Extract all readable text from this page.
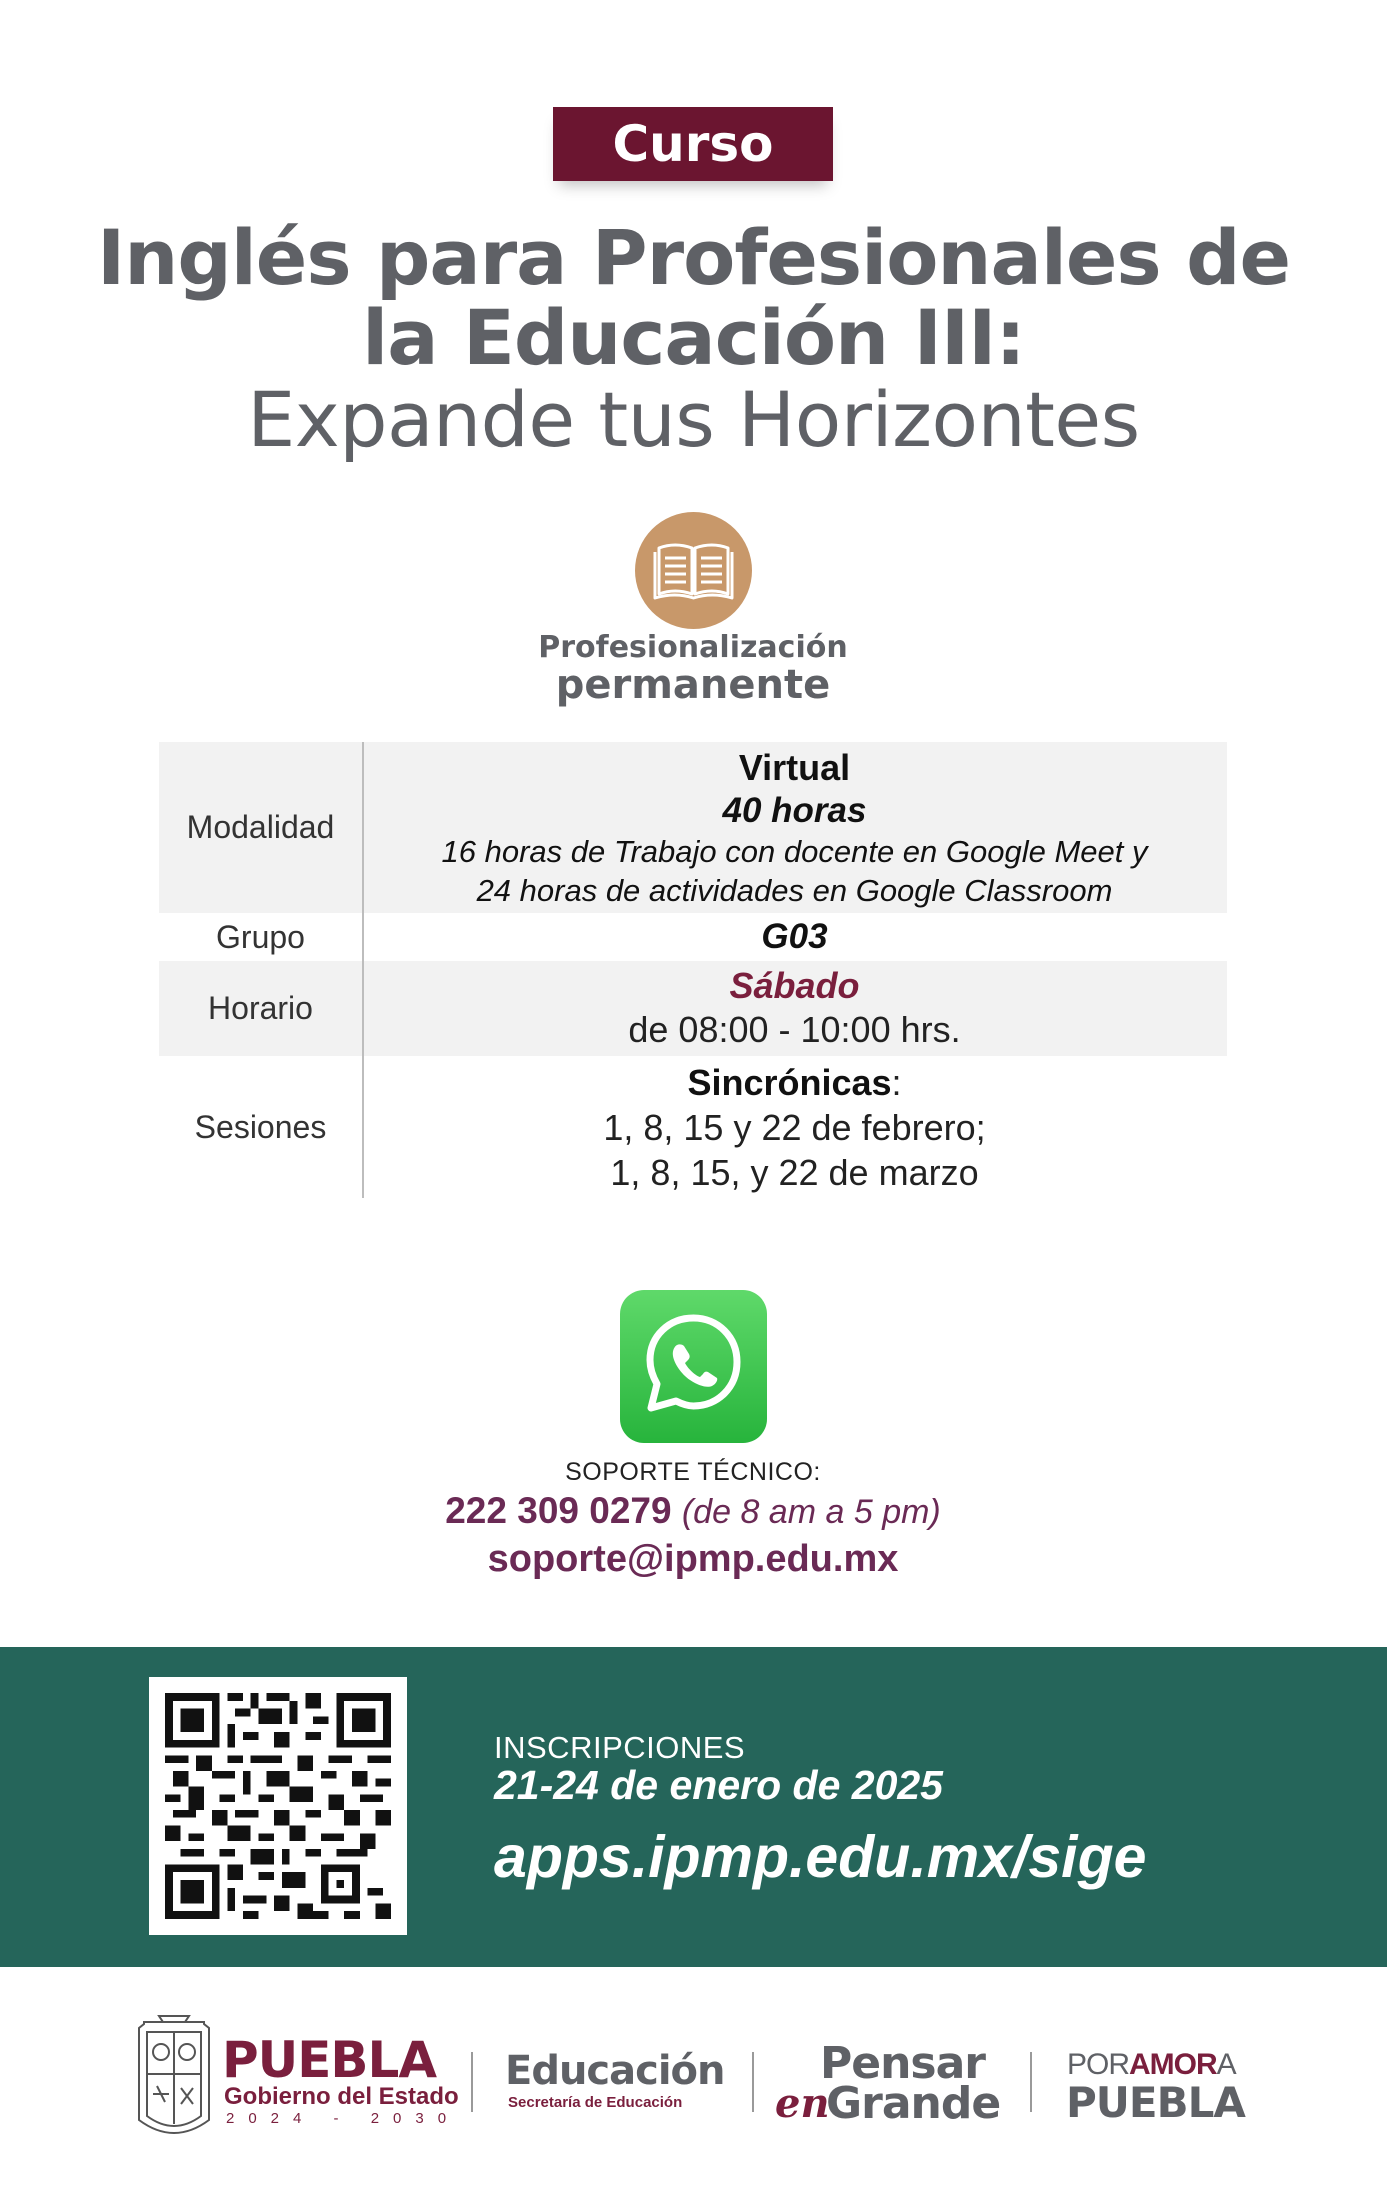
Curso
Inglés para Profesionales de
la Educación III:
Expande tus Horizontes
Profesionalización
permanente
Modalidad
Virtual
40 horas
16 horas de Trabajo con docente en Google Meet y
24 horas de actividades en Google Classroom
Grupo	G03
Horario
Sábado
de 08:00 - 10:00 hrs.
Sesiones
Sincrónicas:
1, 8, 15 y 22 de febrero;
1, 8, 15, y 22 de marzo
SOPORTE TÉCNICO:
222 309 0279 (de 8 am a 5 pm)
soporte@ipmp.edu.mx
INSCRIPCIONES
21-24 de enero de 2025
apps.ipmp.edu.mx/sige
PUEBLA
Gobierno del Estado
2024 - 2030
Educación
Secretaría de Educación
Pensar
en
Grande
PORAMORA
PUEBLA
